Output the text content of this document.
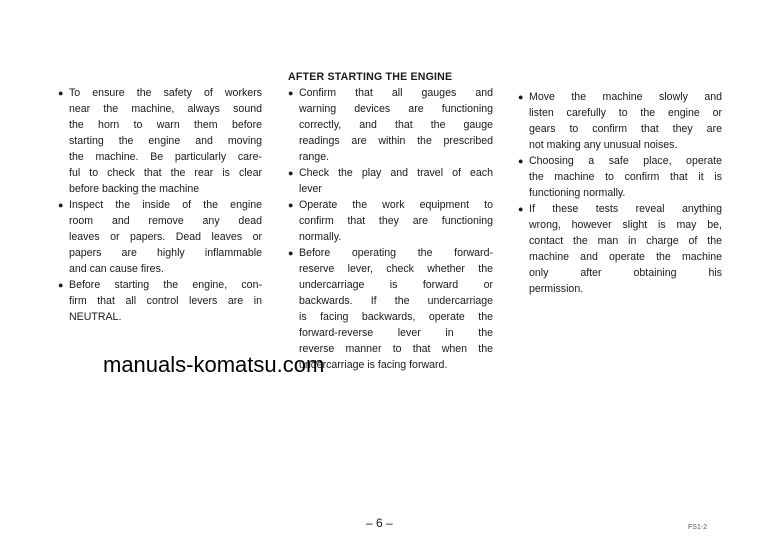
● To ensure the safety of workers
near the machine, always sound
the horn to warn them before
starting the engine and moving
the machine. Be particularly care-
ful to check that the rear is clear
before backing the machine
● Inspect the inside of the engine
room and remove any dead
leaves or papers. Dead leaves or
papers are highly inflammable
and can cause fires.
● Before starting the engine, con-
firm that all control levers are in
NEUTRAL.
AFTER STARTING THE ENGINE
● Confirm that all gauges and
warning devices are functioning
correctly, and that the gauge
readings are within the prescribed
range.
● Check the play and travel of each
lever
● Operate the work equipment to
confirm that they are functioning
normally.
● Before operating the forward-
reserve lever, check whether the
undercarriage is forward or
backwards. If the undercarriage
is facing backwards, operate the
forward-reverse lever in the
reverse manner to that when the
undercarriage is facing forward.
● Move the machine slowly and
listen carefully to the engine or
gears to confirm that they are
not making any unusual noises.
● Choosing a safe place, operate
the machine to confirm that it is
functioning normally.
● If these tests reveal anything
wrong, however slight is may be,
contact the man in charge of the
machine and operate the machine
only after obtaining his
permission.
manuals-komatsu.com
– 6 –	FS1-2
